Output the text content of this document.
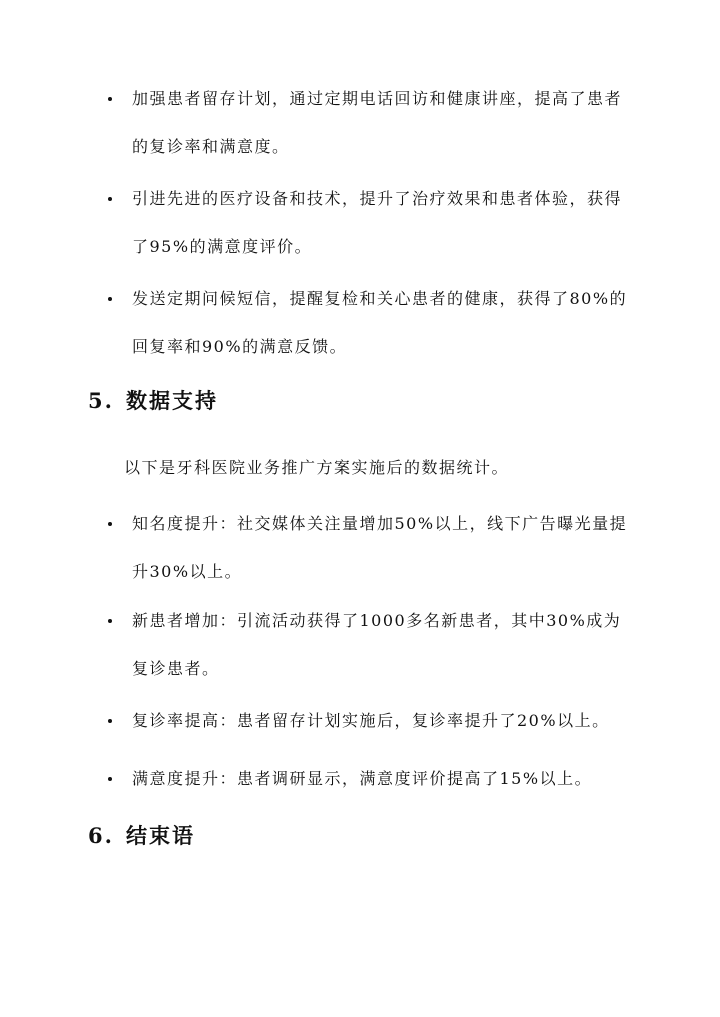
加强患者留存计划，通过定期电话回访和健康讲座，提高了患者的复诊率和满意度。
引进先进的医疗设备和技术，提升了治疗效果和患者体验，获得了95%的满意度评价。
发送定期问候短信，提醒复检和关心患者的健康，获得了80%的回复率和90%的满意反馈。
5. 数据支持
以下是牙科医院业务推广方案实施后的数据统计。
知名度提升：社交媒体关注量增加50%以上，线下广告曝光量提升30%以上。
新患者增加：引流活动获得了1000多名新患者，其中30%成为复诊患者。
复诊率提高：患者留存计划实施后，复诊率提升了20%以上。
满意度提升：患者调研显示，满意度评价提高了15%以上。
6. 结束语
